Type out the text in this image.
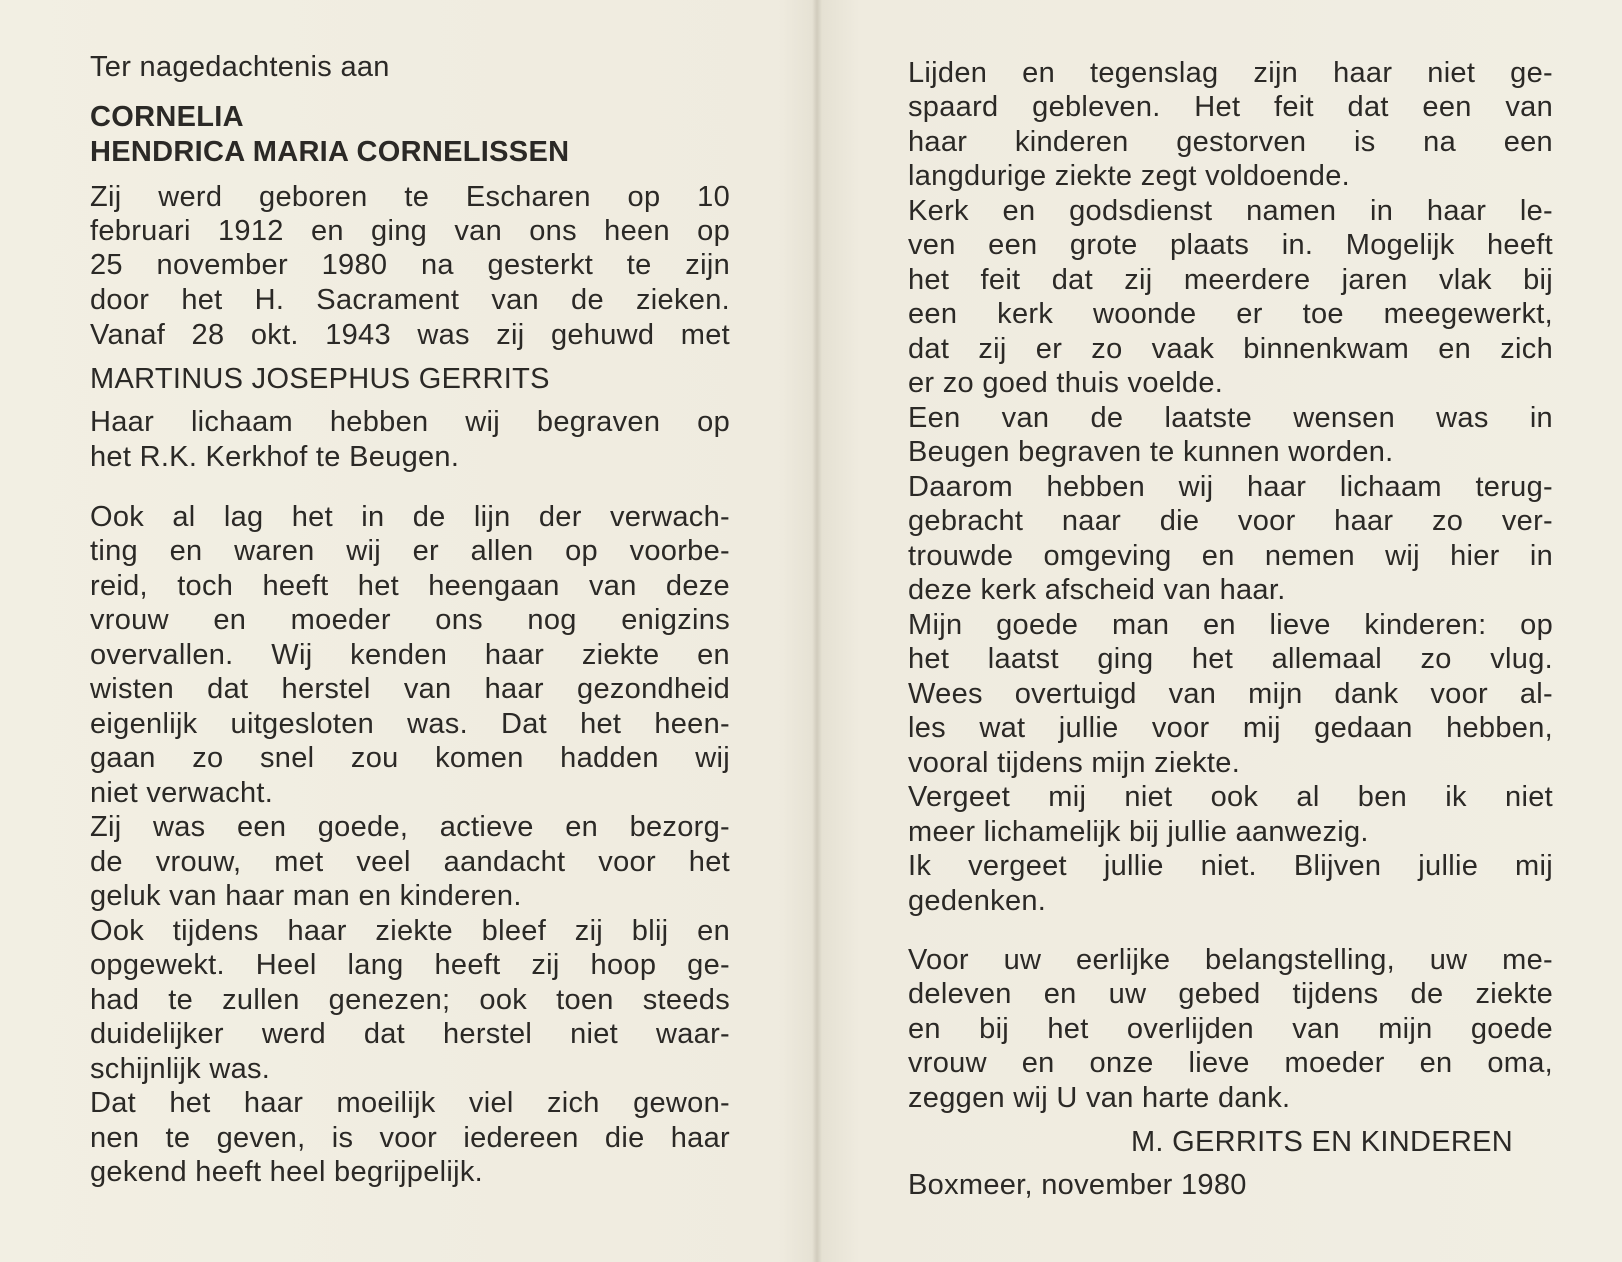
Ter nagedachtenis aan
CORNELIA
HENDRICA MARIA CORNELISSEN
Zij werd geboren te Escharen op 10
februari 1912 en ging van ons heen op
25 november 1980 na gesterkt te zijn
door het H. Sacrament van de zieken.
Vanaf 28 okt. 1943 was zij gehuwd met
MARTINUS JOSEPHUS GERRITS
Haar lichaam hebben wij begraven op
het R.K. Kerkhof te Beugen.
Ook al lag het in de lijn der verwach-
ting en waren wij er allen op voorbe-
reid, toch heeft het heengaan van deze
vrouw en moeder ons nog enigzins
overvallen. Wij kenden haar ziekte en
wisten dat herstel van haar gezondheid
eigenlijk uitgesloten was. Dat het heen-
gaan zo snel zou komen hadden wij
niet verwacht.
Zij was een goede, actieve en bezorg-
de vrouw, met veel aandacht voor het
geluk van haar man en kinderen.
Ook tijdens haar ziekte bleef zij blij en
opgewekt. Heel lang heeft zij hoop ge-
had te zullen genezen; ook toen steeds
duidelijker werd dat herstel niet waar-
schijnlijk was.
Dat het haar moeilijk viel zich gewon-
nen te geven, is voor iedereen die haar
gekend heeft heel begrijpelijk.
Lijden en tegenslag zijn haar niet ge-
spaard gebleven. Het feit dat een van
haar kinderen gestorven is na een
langdurige ziekte zegt voldoende.
Kerk en godsdienst namen in haar le-
ven een grote plaats in. Mogelijk heeft
het feit dat zij meerdere jaren vlak bij
een kerk woonde er toe meegewerkt,
dat zij er zo vaak binnenkwam en zich
er zo goed thuis voelde.
Een van de laatste wensen was in
Beugen begraven te kunnen worden.
Daarom hebben wij haar lichaam terug-
gebracht naar die voor haar zo ver-
trouwde omgeving en nemen wij hier in
deze kerk afscheid van haar.
Mijn goede man en lieve kinderen: op
het laatst ging het allemaal zo vlug.
Wees overtuigd van mijn dank voor al-
les wat jullie voor mij gedaan hebben,
vooral tijdens mijn ziekte.
Vergeet mij niet ook al ben ik niet
meer lichamelijk bij jullie aanwezig.
Ik vergeet jullie niet. Blijven jullie mij
gedenken.
Voor uw eerlijke belangstelling, uw me-
deleven en uw gebed tijdens de ziekte
en bij het overlijden van mijn goede
vrouw en onze lieve moeder en oma,
zeggen wij U van harte dank.
M. GERRITS EN KINDEREN
Boxmeer, november 1980
